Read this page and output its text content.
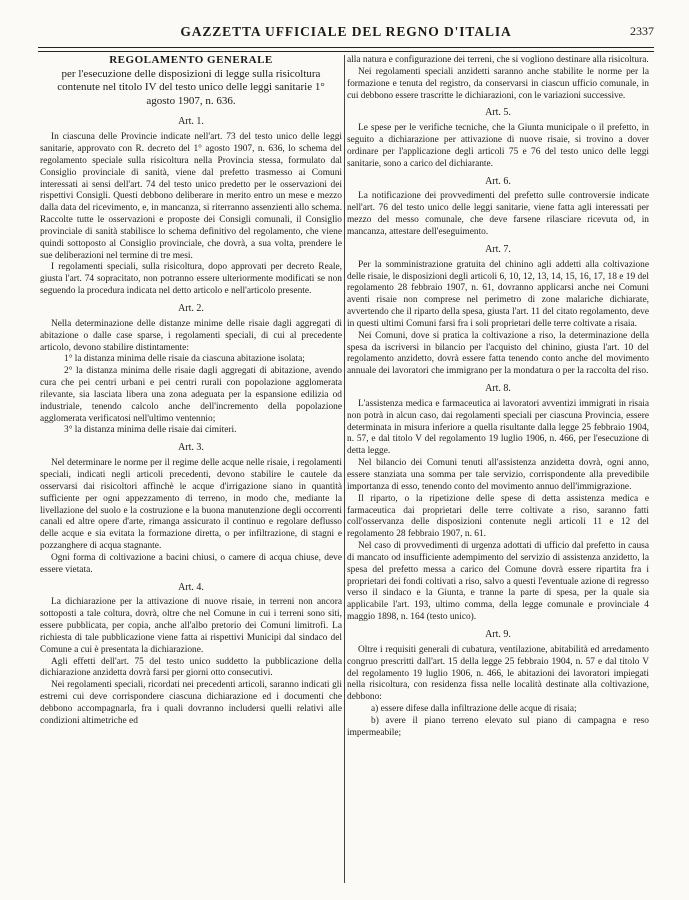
GAZZETTA UFFICIALE DEL REGNO D'ITALIA	2337
REGOLAMENTO GENERALE
per l'esecuzione delle disposizioni di legge sulla risicoltura contenute nel titolo IV del testo unico delle leggi sanitarie 1° agosto 1907, n. 636.
Art. 1.

In ciascuna delle Provincie indicate nell'art. 73 del testo unico delle leggi sanitarie, approvato con R. decreto del 1° agosto 1907, n. 636, lo schema del regolamento speciale sulla risicoltura nella Provincia stessa, formulato dal Consiglio provinciale di sanità, viene dal prefetto trasmesso ai Comuni interessati ai sensi dell'art. 74 del testo unico predetto per le osservazioni dei rispettivi Consigli. Questi debbono deliberare in merito entro un mese e mezzo dalla data del ricevimento, e, in mancanza, si riterranno assenzienti allo schema. Raccolte tutte le osservazioni e proposte dei Consigli comunali, il Consiglio provinciale di sanità stabilisce lo schema definitivo del regolamento, che viene quindi sottoposto al Consiglio provinciale, che dovrà, a sua volta, prendere le sue deliberazioni nel termine di tre mesi.

I regolamenti speciali, sulla risicoltura, dopo approvati per decreto Reale, giusta l'art. 74 sopracitato, non potranno essere ulteriormente modificati se non seguendo la procedura indicata nel detto articolo e nell'articolo presente.

Art. 2.

Nella determinazione delle distanze minime delle risaie dagli aggregati di abitazione o dalle case sparse, i regolamenti speciali, di cui al precedente articolo, devono stabilire distintamente:

1° la distanza minima delle risaie da ciascuna abitazione isolata;

2° la distanza minima delle risaie dagli aggregati di abitazione, avendo cura che pei centri urbani e pei centri rurali con popolazione agglomerata rilevante, sia lasciata libera una zona adeguata per la espansione edilizia od industriale, tenendo calcolo anche dell'incremento della popolazione agglomerata verificatosi nell'ultimo ventennio;

3° la distanza minima delle risaie dai cimiteri.

Art. 3.

Nel determinare le norme per il regime delle acque nelle risaie, i regolamenti speciali, indicati negli articoli precedenti, devono stabilire le cautele da osservarsi dai risicoltori affinchè le acque d'irrigazione siano in quantità sufficiente per ogni appezzamento di terreno, in modo che, mediante la livellazione del suolo e la costruzione e la buona manutenzione degli occorrenti canali ed altre opere d'arte, rimanga assicurato il continuo e regolare deflusso delle acque e sia evitata la formazione diretta, o per infiltrazione, di stagni e pozzanghere di acqua stagnante.

Ogni forma di coltivazione a bacini chiusi, o camere di acqua chiuse, deve essere vietata.

Art. 4.

La dichiarazione per la attivazione di nuove risaie, in terreni non ancora sottoposti a tale coltura, dovrà, oltre che nel Comune in cui i terreni sono siti, essere pubblicata, per copia, anche all'albo pretorio dei Comuni limitrofi. La richiesta di tale pubblicazione viene fatta ai rispettivi Municipi dal sindaco del Comune a cui è presentata la dichiarazione.

Agli effetti dell'art. 75 del testo unico suddetto la pubblicazione della dichiarazione anzidetta dovrà farsi per giorni otto consecutivi.

Nei regolamenti speciali, ricordati nei precedenti articoli, saranno indicati gli estremi cui deve corrispondere ciascuna dichiarazione ed i documenti che debbono accompagnarla, fra i quali dovranno includersi quelli relativi alle condizioni altimetriche ed

alla natura e configurazione dei terreni, che si vogliono destinare alla risicoltura.

Nei regolamenti speciali anzidetti saranno anche stabilite le norme per la formazione e tenuta del registro, da conservarsi in ciascun ufficio comunale, in cui debbono essere trascritte le dichiarazioni, con le variazioni successive.

Art. 5.

Le spese per le verifiche tecniche, che la Giunta municipale o il prefetto, in seguito a dichiarazione per attivazione di nuove risaie, si trovino a dover ordinare per l'applicazione degli articoli 75 e 76 del testo unico delle leggi sanitarie, sono a carico del dichiarante.

Art. 6.

La notificazione dei provvedimenti del prefetto sulle controversie indicate nell'art. 76 del testo unico delle leggi sanitarie, viene fatta agli interessati per mezzo del messo comunale, che deve farsene rilasciare ricevuta od, in mancanza, attestare dell'eseguimento.

Art. 7.

Per la somministrazione gratuita del chinino agli addetti alla coltivazione delle risaie, le disposizioni degli articoli 6, 10, 12, 13, 14, 15, 16, 17, 18 e 19 del regolamento 28 febbraio 1907, n. 61, dovranno applicarsi anche nei Comuni aventi risaie non comprese nel perimetro di zone malariche dichiarate, avvertendo che il riparto della spesa, giusta l'art. 11 del citato regolamento, deve in questi ultimi Comuni farsi fra i soli proprietari delle terre coltivate a risaia.

Nei Comuni, dove si pratica la coltivazione a riso, la determinazione della spesa da iscriversi in bilancio per l'acquisto del chinino, giusta l'art. 10 del regolamento anzidetto, dovrà essere fatta tenendo conto anche del movimento annuale dei lavoratori che immigrano per la mondatura o per la raccolta del riso.

Art. 8.

L'assistenza medica e farmaceutica ai lavoratori avventizi immigrati in risaia non potrà in alcun caso, dai regolamenti speciali per ciascuna Provincia, essere determinata in misura inferiore a quella risultante dalla legge 25 febbraio 1904, n. 57, e dal titolo V del regolamento 19 luglio 1906, n. 466, per l'esecuzione di detta legge.

Nel bilancio dei Comuni tenuti all'assistenza anzidetta dovrà, ogni anno, essere stanziata una somma per tale servizio, corrispondente alla prevedibile importanza di esso, tenendo conto del movimento annuo dell'immigrazione.

Il riparto, o la ripetizione delle spese di detta assistenza medica e farmaceutica dai proprietari delle terre coltivate a riso, saranno fatti coll'osservanza delle disposizioni contenute negli articoli 11 e 12 del regolamento 28 febbraio 1907, n. 61.

Nel caso di provvedimenti di urgenza adottati di ufficio dal prefetto in causa di mancato od insufficiente adempimento del servizio di assistenza anzidetto, la spesa del prefetto messa a carico del Comune dovrà essere ripartita fra i proprietari dei fondi coltivati a riso, salvo a questi l'eventuale azione di regresso verso il sindaco e la Giunta, e tranne la parte di spesa, per la quale sia applicabile l'art. 193, ultimo comma, della legge comunale e provinciale 4 maggio 1898, n. 164 (testo unico).

Art. 9.

Oltre i requisiti generali di cubatura, ventilazione, abitabilità ed arredamento congruo prescritti dall'art. 15 della legge 25 febbraio 1904, n. 57 e dal titolo V del regolamento 19 luglio 1906, n. 466, le abitazioni dei lavoratori impiegati nella risicoltura, con residenza fissa nelle località destinate alla coltivazione, debbono:

a) essere difese dalla infiltrazione delle acque di risaia;

b) avere il piano terreno elevato sul piano di campagna e reso impermeabile;
